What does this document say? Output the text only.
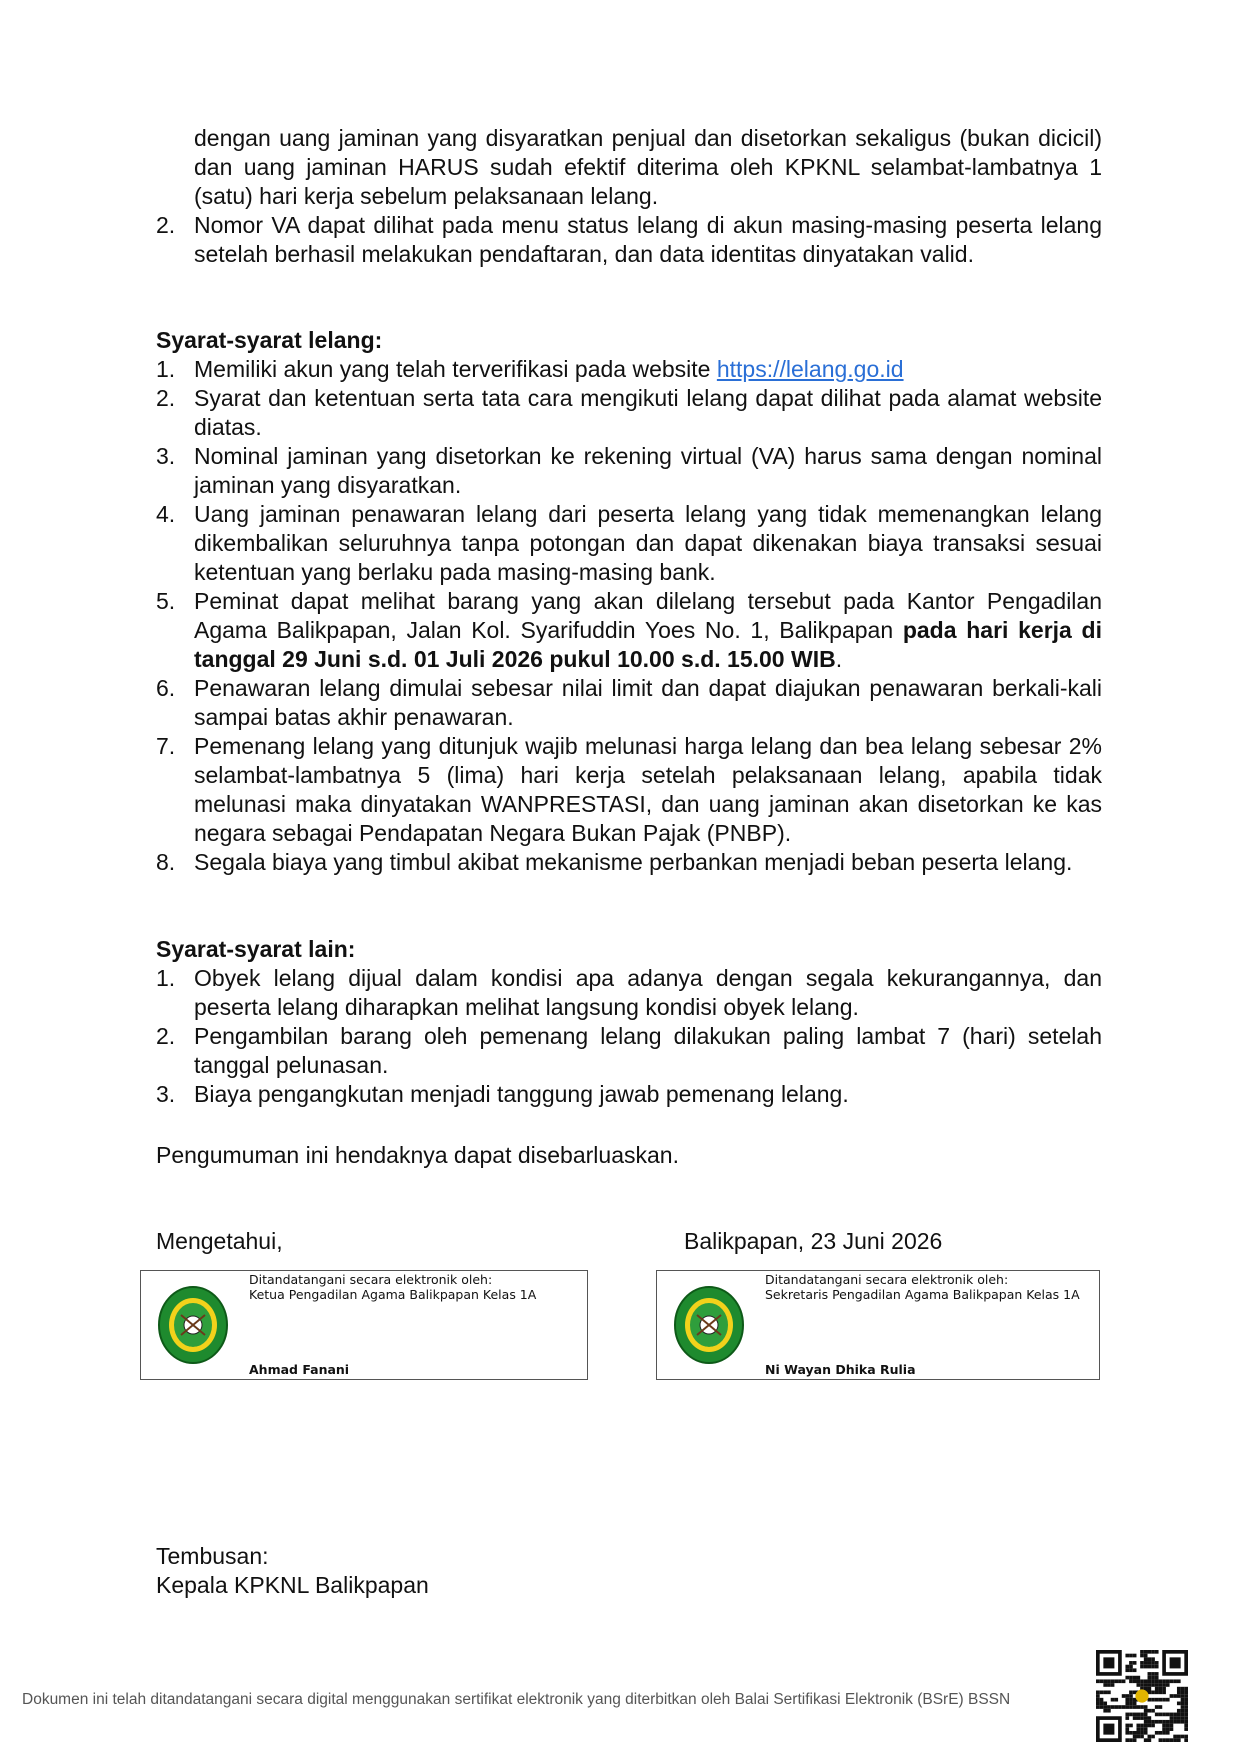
dengan uang jaminan yang disyaratkan penjual dan disetorkan sekaligus (bukan dicicil) dan uang jaminan HARUS sudah efektif diterima oleh KPKNL selambat-lambatnya 1 (satu) hari kerja sebelum pelaksanaan lelang.

2. Nomor VA dapat dilihat pada menu status lelang di akun masing-masing peserta lelang setelah berhasil melakukan pendaftaran, dan data identitas dinyatakan valid.

Syarat-syarat lelang:

1. Memiliki akun yang telah terverifikasi pada website https://lelang.go.id
2. Syarat dan ketentuan serta tata cara mengikuti lelang dapat dilihat pada alamat website diatas.
3. Nominal jaminan yang disetorkan ke rekening virtual (VA) harus sama dengan nominal jaminan yang disyaratkan.
4. Uang jaminan penawaran lelang dari peserta lelang yang tidak memenangkan lelang dikembalikan seluruhnya tanpa potongan dan dapat dikenakan biaya transaksi sesuai ketentuan yang berlaku pada masing-masing bank.
5. Peminat dapat melihat barang yang akan dilelang tersebut pada Kantor Pengadilan Agama Balikpapan, Jalan Kol. Syarifuddin Yoes No. 1, Balikpapan pada hari kerja di tanggal 29 Juni s.d. 01 Juli 2026 pukul 10.00 s.d. 15.00 WIB.
6. Penawaran lelang dimulai sebesar nilai limit dan dapat diajukan penawaran berkali-kali sampai batas akhir penawaran.
7. Pemenang lelang yang ditunjuk wajib melunasi harga lelang dan bea lelang sebesar 2% selambat-lambatnya 5 (lima) hari kerja setelah pelaksanaan lelang, apabila tidak melunasi maka dinyatakan WANPRESTASI, dan uang jaminan akan disetorkan ke kas negara sebagai Pendapatan Negara Bukan Pajak (PNBP).
8. Segala biaya yang timbul akibat mekanisme perbankan menjadi beban peserta lelang.

Syarat-syarat lain:

1. Obyek lelang dijual dalam kondisi apa adanya dengan segala kekurangannya, dan peserta lelang diharapkan melihat langsung kondisi obyek lelang.
2. Pengambilan barang oleh pemenang lelang dilakukan paling lambat 7 (hari) setelah tanggal pelunasan.
3. Biaya pengangkutan menjadi tanggung jawab pemenang lelang.
Pengumuman ini hendaknya dapat disebarluaskan.
Mengetahui,	Balikpapan, 23 Juni 2026
Ditandatangani secara elektronik oleh:
Ketua Pengadilan Agama Balikpapan Kelas 1A
Ahmad Fanani
Ditandatangani secara elektronik oleh:
Sekretaris Pengadilan Agama Balikpapan Kelas 1A
Ni Wayan Dhika Rulia
Tembusan:
Kepala KPKNL Balikpapan
Dokumen ini telah ditandatangani secara digital menggunakan sertifikat elektronik yang diterbitkan oleh Balai Sertifikasi Elektronik (BSrE) BSSN
